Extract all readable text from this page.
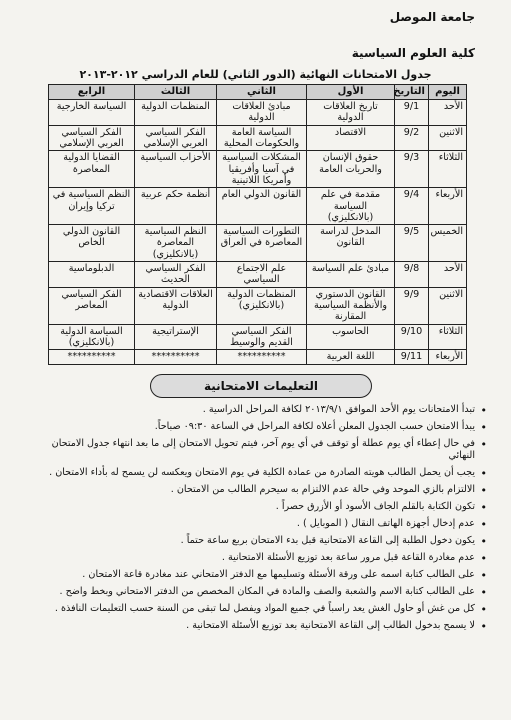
جامعة الموصل
كلية العلوم السياسية
جدول الامتحانات النهائية (الدور الثاني) للعام الدراسي ٢٠١٢-٢٠١٣
اليوم	التاريخ	الأول	الثاني	الثالث	الرابع
الأحد	9/1	تاريخ العلاقات الدولية	مبادئ العلاقات الدولية	المنظمات الدولية	السياسة الخارجية
الاثنين	9/2	الاقتصاد	السياسة العامة والحكومات المحلية	الفكر السياسي العربي الإسلامي	الفكر السياسي العربي الإسلامي
الثلاثاء	9/3	حقوق الإنسان والحريات العامة	المشكلات السياسية في آسيا وأفريقيا وأمريكا اللاتينية	الأحزاب السياسية	القضايا الدولية المعاصرة
الأربعاء	9/4	مقدمة في علم السياسة (بالانكليزي)	القانون الدولي العام	أنظمة حكم عربية	النظم السياسية في تركيا وإيران
الخميس	9/5	المدخل لدراسة القانون	التطورات السياسية المعاصرة في العراق	النظم السياسية المعاصرة (بالانكليزي)	القانون الدولي الخاص
الأحد	9/8	مبادئ علم السياسة	علم الاجتماع السياسي	الفكر السياسي الحديث	الدبلوماسية
الاثنين	9/9	القانون الدستوري والأنظمة السياسية المقارنة	المنظمات الدولية (بالانكليزي)	العلاقات الاقتصادية الدولية	الفكر السياسي المعاصر
الثلاثاء	9/10	الحاسوب	الفكر السياسي القديم والوسيط	الإستراتيجية	السياسة الدولية (بالانكليزي)
الأربعاء	9/11	اللغة العربية	**********	**********	**********
التعليمات الامتحانية
• تبدأ الامتحانات يوم الأحد الموافق ٢٠١٣/٩/١ لكافة المراحل الدراسية .
• يبدأ الامتحان حسب الجدول المعلن أعلاه لكافة المراحل في الساعة ٠٩:٣٠ صباحاً.
• في حال إعطاء أي يوم عطلة أو توقف في أي يوم آخر، فيتم تحويل الامتحان إلى ما بعد انتهاء جدول الامتحان النهائي
• يجب أن يحمل الطالب هويته الصادرة من عمادة الكلية في يوم الامتحان ويعكسه لن يسمح له بأداء الامتحان .
• الالتزام بالزي الموحد وفي حالة عدم الالتزام به سيحرم الطالب من الامتحان .
• تكون الكتابة بالقلم الجاف الأسود أو الأزرق حصراً .
• عدم إدخال أجهزة الهاتف النقال ( الموبايل ) .
• يكون دخول الطلبة إلى القاعة الامتحانية قبل بدء الامتحان بربع ساعة حتماً .
• عدم مغادرة القاعة قبل مرور ساعة بعد توزيع الأسئلة الامتحانية .
• على الطالب كتابة اسمه على ورقة الأسئلة وتسليمها مع الدفتر الامتحاني عند مغادرة قاعة الامتحان .
• على الطالب كتابة الاسم والشعبة والصف والمادة في المكان المخصص من الدفتر الامتحاني وبخط واضح .
• كل من غش أو حاول الغش يعد راسباً في جميع المواد ويفصل لما تبقى من السنة حسب التعليمات النافذة .
• لا يسمح بدخول الطالب إلى القاعة الامتحانية بعد توزيع الأسئلة الامتحانية .
